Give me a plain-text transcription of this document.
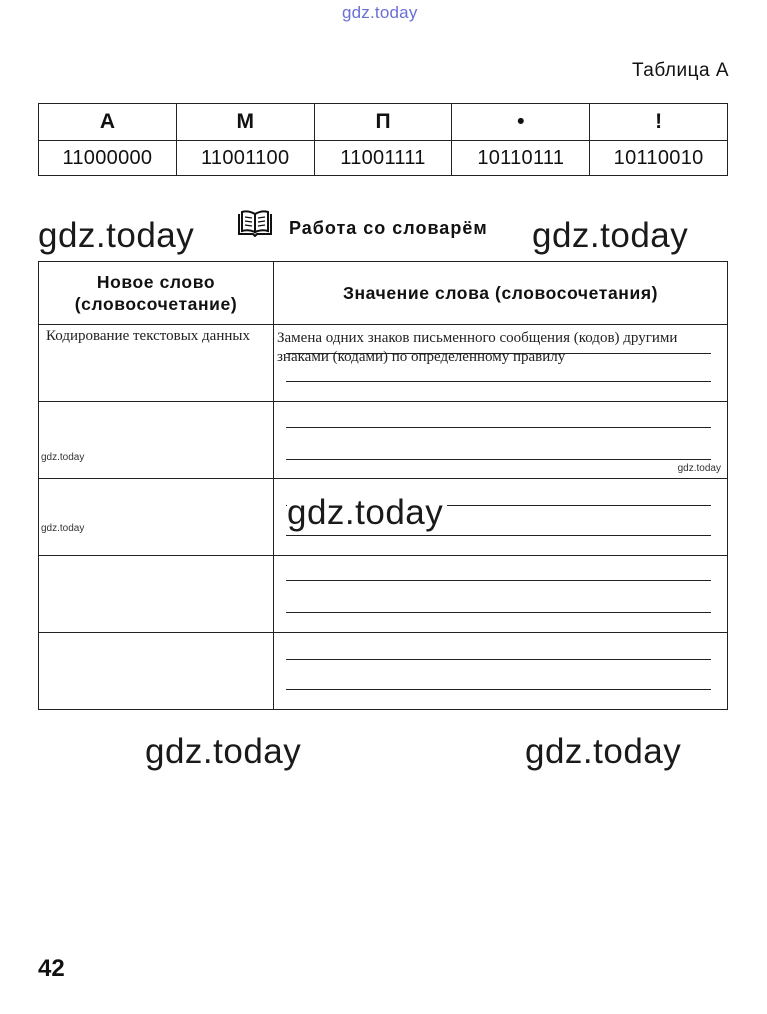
gdz.today
Таблица А
А	М	П	•	!
11000000	11001100	11001111	10110111	10110010
gdz.today	Работа со словарём gdz.today
Новое слово (словосочетание)	Значение слова (словосочетания)

Кодирование текстовых данных	Замена одних знаков письменного сообщения (кодов) другими знаками (кодами) по определенному правилу

gdz.today	gdz.today

gdz.today	gdz.today

gdz.today	gdz.today
42
